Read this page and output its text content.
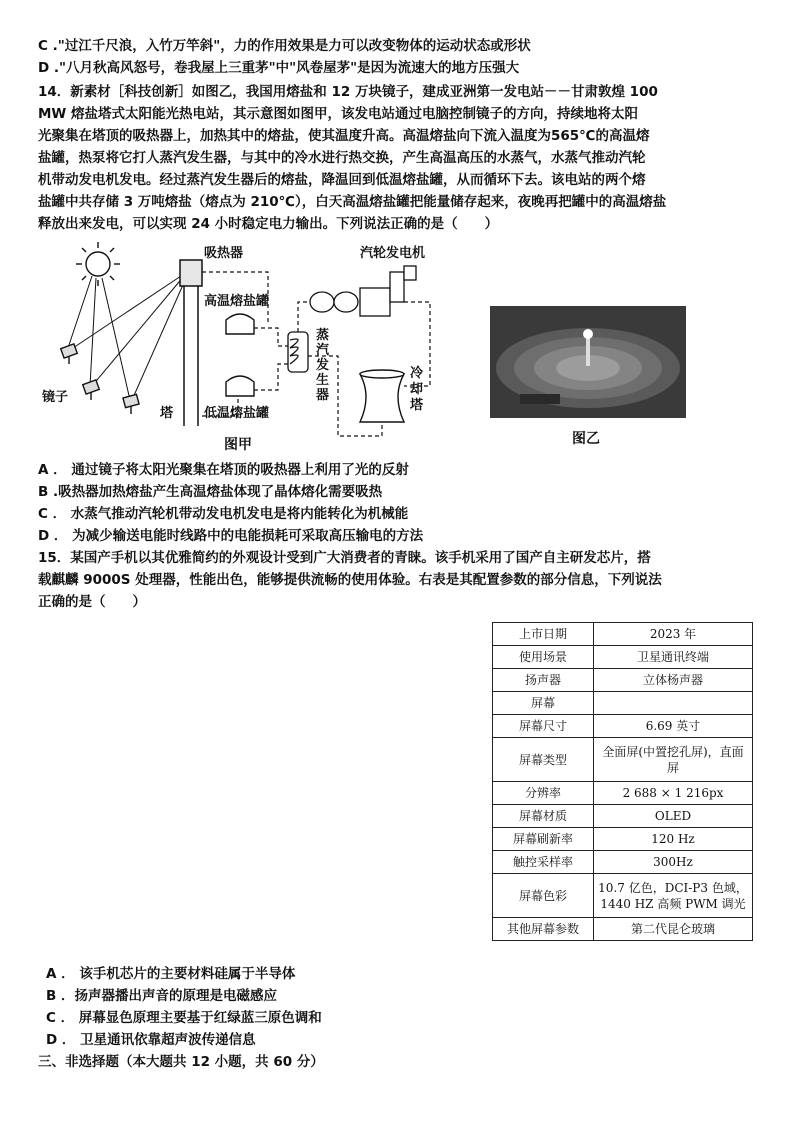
C ."过江千尺浪，入竹万竿斜"，力的作用效果是力可以改变物体的运动状态或形状
D ."八月秋高风怒号，卷我屋上三重茅"中"风卷屋茅"是因为流速大的地方压强大
14．新素材［科技创新］如图乙，我国用熔盐和 12 万块镜子，建成亚洲第一发电站－－甘肃敦煌 100
MW 熔盐塔式太阳能光热电站，其示意图如图甲，该发电站通过电脑控制镜子的方向，持续地将太阳
光聚集在塔顶的吸热器上，加热其中的熔盐，使其温度升高。高温熔盐向下流入温度为565℃的高温熔
盐罐，热泵将它打人蒸汽发生器，与其中的冷水进行热交换，产生高温高压的水蒸气，水蒸气推动汽轮
机带动发电机发电。经过蒸汽发生器后的熔盐，降温回到低温熔盐罐，从而循环下去。该电站的两个熔
盐罐中共存储 3 万吨熔盐（熔点为 210℃），白天高温熔盐罐把能量储存起来，夜晚再把罐中的高温熔盐
释放出来发电，可以实现 24 小时稳定电力输出。下列说法正确的是（　　）
吸热器	汽轮发电机
高温熔盐罐
蒸
汽
发
生
器
镜子
塔 低温熔盐罐
冷
却
塔
图甲	图乙
A ． 通过镜子将太阳光聚集在塔顶的吸热器上利用了光的反射
B .吸热器加热熔盐产生高温熔盐体现了晶体熔化需要吸热
C ． 水蒸气推动汽轮机带动发电机发电是将内能转化为机械能
D ． 为减少输送电能时线路中的电能损耗可采取高压输电的方法
15．某国产手机以其优雅简约的外观设计受到广大消费者的青睐。该手机采用了国产自主研发芯片，搭
载麒麟 9000S 处理器，性能出色，能够提供流畅的使用体验。右表是其配置参数的部分信息，下列说法
正确的是（　　）
上市日期	2023 年
使用场景	卫星通讯终端
扬声器	立体杨声器
屏幕	
屏幕尺寸	6.69 英寸
屏幕类型	全面屏(中置挖孔屏)，直面屏
分辨率	2 688 × 1 216px
屏幕材质	OLED
屏幕刷新率	120 Hz
触控采样率	300Hz
屏幕色彩	10.7 亿色，DCI-P3 色域，1440 HZ 高频 PWM 调光
其他屏幕参数	第二代昆仑玻璃
A ． 该手机芯片的主要材料硅属于半导体
B ．扬声器播出声音的原理是电磁感应
C ． 屏幕显色原理主要基于红绿蓝三原色调和
D ． 卫星通讯依靠超声波传递信息
三、非选择题（本大题共 12 小题，共 60 分）
